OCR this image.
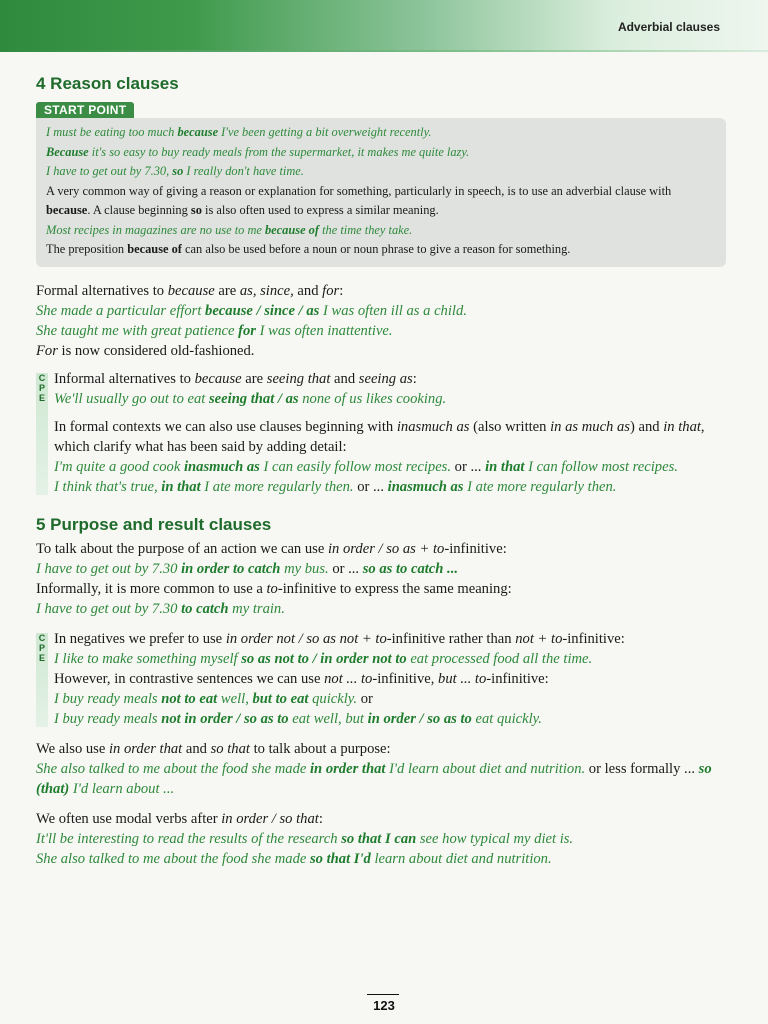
Adverbial clauses
4 Reason clauses
START POINT
I must be eating too much because I've been getting a bit overweight recently.
Because it's so easy to buy ready meals from the supermarket, it makes me quite lazy.
I have to get out by 7.30, so I really don't have time.
A very common way of giving a reason or explanation for something, particularly in speech, is to use an adverbial clause with because. A clause beginning so is also often used to express a similar meaning.
Most recipes in magazines are no use to me because of the time they take.
The preposition because of can also be used before a noun or noun phrase to give a reason for something.

Formal alternatives to because are as, since, and for:

She made a particular effort because / since / as I was often ill as a child.

She taught me with great patience for I was often inattentive.

For is now considered old-fashioned.

C
P
E

Informal alternatives to because are seeing that and seeing as:

We'll usually go out to eat seeing that / as none of us likes cooking.

In formal contexts we can also use clauses beginning with inasmuch as (also written in as much as) and in that, which clarify what has been said by adding detail:

I'm quite a good cook inasmuch as I can easily follow most recipes. or ... in that I can follow most recipes.

I think that's true, in that I ate more regularly then. or ... inasmuch as I ate more regularly then.

5 Purpose and result clauses

To talk about the purpose of an action we can use in order / so as + to-infinitive:

I have to get out by 7.30 in order to catch my bus. or ... so as to catch ...

Informally, it is more common to use a to-infinitive to express the same meaning:

I have to get out by 7.30 to catch my train.

C
P
E

In negatives we prefer to use in order not / so as not + to-infinitive rather than not + to-infinitive:

I like to make something myself so as not to / in order not to eat processed food all the time.

However, in contrastive sentences we can use not ... to-infinitive, but ... to-infinitive:

I buy ready meals not to eat well, but to eat quickly. or

I buy ready meals not in order / so as to eat well, but in order / so as to eat quickly.

We also use in order that and so that to talk about a purpose:

She also talked to me about the food she made in order that I'd learn about diet and nutrition. or less formally ... so (that) I'd learn about ...

We often use modal verbs after in order / so that:

It'll be interesting to read the results of the research so that I can see how typical my diet is.

She also talked to me about the food she made so that I'd learn about diet and nutrition.

123
